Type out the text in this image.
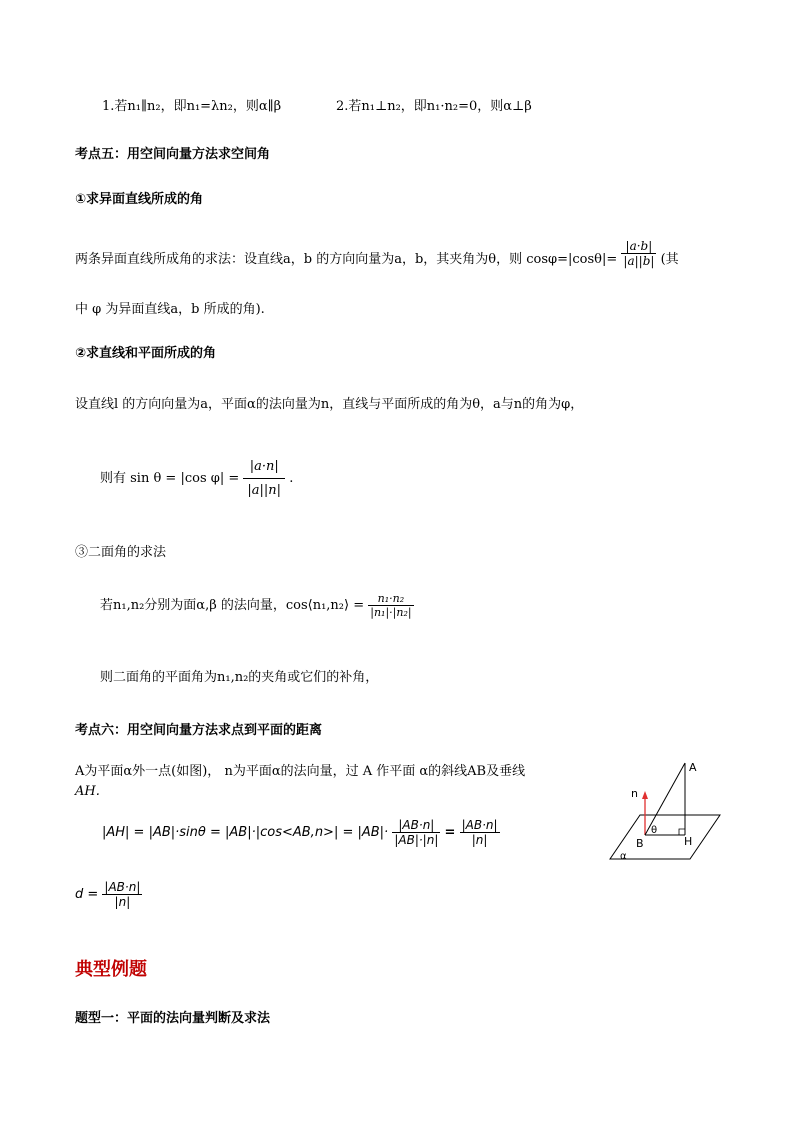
1.若n₁∥n₂，即n₁=λn₂，则α∥β	2.若n₁⊥n₂，即n₁·n₂=0，则α⊥β
考点五：用空间向量方法求空间角
①求异面直线所成的角
两条异面直线所成角的求法：设直线a，b 的方向向量为a，b，其夹角为θ，则 $\cos\varphi=|\cos\theta|= \frac{|a\cdot b|}{|a||b|}$ (其
中 φ 为异面直线a，b 所成的角).
②求直线和平面所成的角
设直线l 的方向向量为a，平面α的法向量为n，直线与平面所成的角为θ，a与n的角为φ，
则有 sin θ = |cos $\varphi| = \frac{|a\cdot n|}{|a||n|}$ .
③二面角的求法
若n₁,n₂分别为面α,β 的法向量，cos⟨n₁,n₂⟩ = $\frac{\text{n₁·n₂}}{\text{|n₁|·|n₂|}}$
则二面角的平面角为n₁,n₂的夹角或它们的补角，
考点六：用空间向量方法求点到平面的距离
A为平面α外一点(如图)， n为平面α的法向量，过 A 作平面 α的斜线AB及垂线
AH.
$|AH| = |AB|\cdot\sin\theta = |AB|\cdot|\cos<AB,n>| = |AB|\cdot \frac{|AB\cdot n|}{|AB|\cdot|n|} = \frac{|AB\cdot n|}{|n|}$
$d = \frac{|AB\cdot n|}{|n|}$
A
n
θ
B	H
α
典型例题
题型一：平面的法向量判断及求法
